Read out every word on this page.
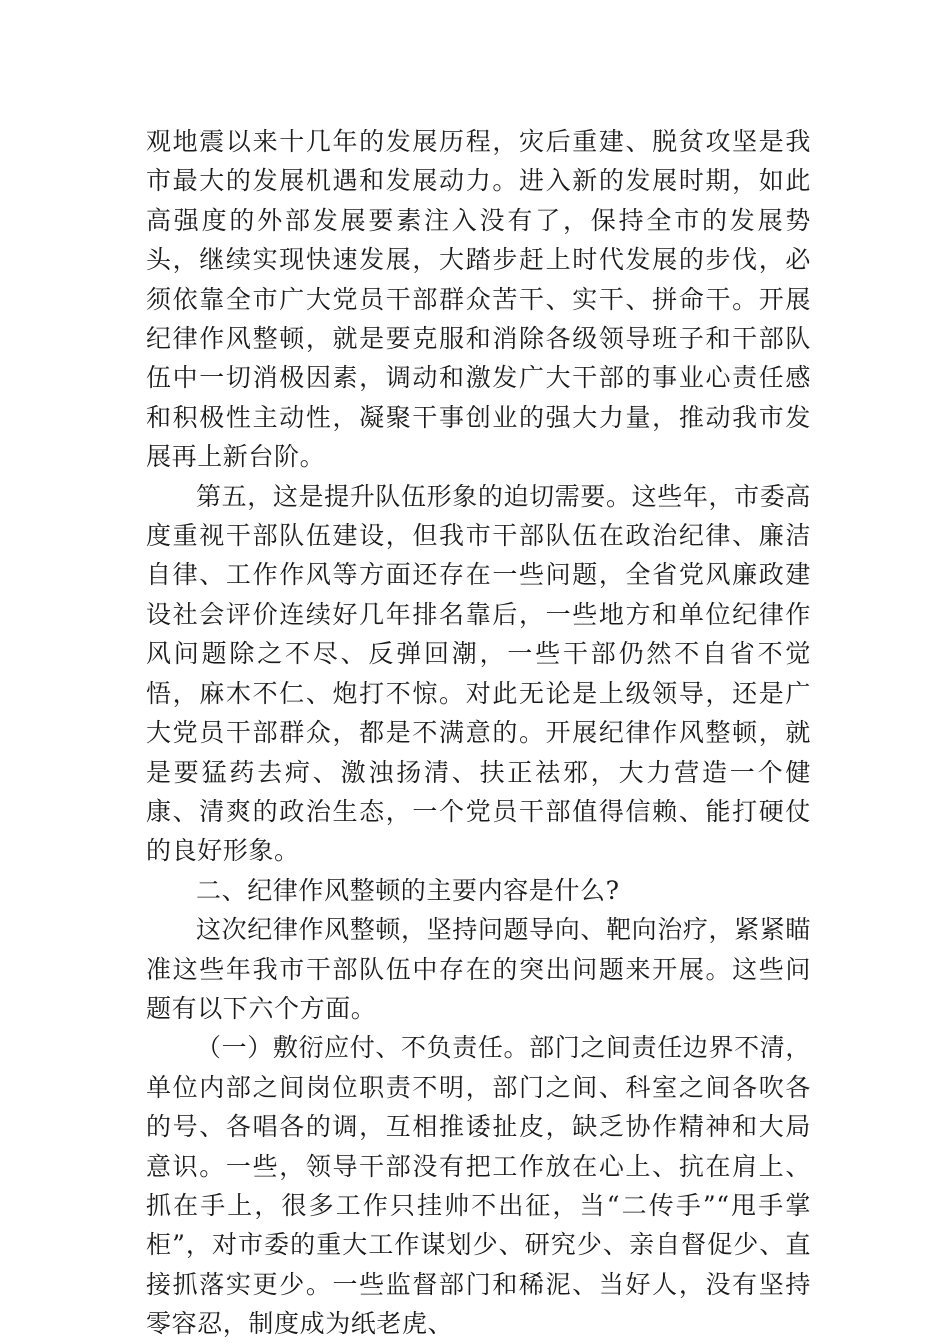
观地震以来十几年的发展历程，灾后重建、脱贫攻坚是我市最大的发展机遇和发展动力。进入新的发展时期，如此高强度的外部发展要素注入没有了，保持全市的发展势头，继续实现快速发展，大踏步赶上时代发展的步伐，必须依靠全市广大党员干部群众苦干、实干、拼命干。开展纪律作风整顿，就是要克服和消除各级领导班子和干部队伍中一切消极因素，调动和激发广大干部的事业心责任感和积极性主动性，凝聚干事创业的强大力量，推动我市发展再上新台阶。

第五，这是提升队伍形象的迫切需要。这些年，市委高度重视干部队伍建设，但我市干部队伍在政治纪律、廉洁自律、工作作风等方面还存在一些问题，全省党风廉政建设社会评价连续好几年排名靠后，一些地方和单位纪律作风问题除之不尽、反弹回潮，一些干部仍然不自省不觉悟，麻木不仁、炮打不惊。对此无论是上级领导，还是广大党员干部群众，都是不满意的。开展纪律作风整顿，就是要猛药去疴、激浊扬清、扶正祛邪，大力营造一个健康、清爽的政治生态，一个党员干部值得信赖、能打硬仗的良好形象。

二、纪律作风整顿的主要内容是什么?

这次纪律作风整顿，坚持问题导向、靶向治疗，紧紧瞄准这些年我市干部队伍中存在的突出问题来开展。这些问题有以下六个方面。

（一）敷衍应付、不负责任。部门之间责任边界不清，单位内部之间岗位职责不明，部门之间、科室之间各吹各的号、各唱各的调，互相推诿扯皮，缺乏协作精神和大局意识。一些，领导干部没有把工作放在心上、抗在肩上、抓在手上，很多工作只挂帅不出征，当“二传手”“甩手掌柜”，对市委的重大工作谋划少、研究少、亲自督促少、直接抓落实更少。一些监督部门和稀泥、当好人，没有坚持零容忍，制度成为纸老虎、
